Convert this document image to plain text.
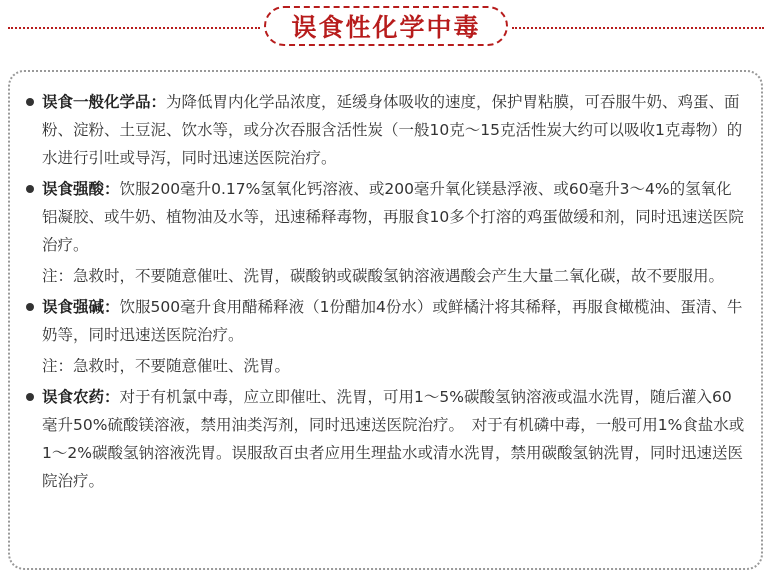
误食性化学中毒
误食一般化学品：为降低胃内化学品浓度，延缓身体吸收的速度，保护胃粘膜，可吞服牛奶、鸡蛋、面粉、淀粉、土豆泥、饮水等，或分次吞服含活性炭（一般10克～15克活性炭大约可以吸收1克毒物）的水进行引吐或导泻，同时迅速送医院治疗。
误食强酸：饮服200毫升0.17%氢氧化钙溶液、或200毫升氧化镁悬浮液、或60毫升3～4%的氢氧化铝凝胶、或牛奶、植物油及水等，迅速稀释毒物，再服食10多个打溶的鸡蛋做缓和剂，同时迅速送医院治疗。
注：急救时，不要随意催吐、洗胃，碳酸钠或碳酸氢钠溶液遇酸会产生大量二氧化碳，故不要服用。
误食强碱：饮服500毫升食用醋稀释液（1份醋加4份水）或鲜橘汁将其稀释，再服食橄榄油、蛋清、牛奶等，同时迅速送医院治疗。
注：急救时，不要随意催吐、洗胃。
误食农药：对于有机氯中毒，应立即催吐、洗胃，可用1～5%碳酸氢钠溶液或温水洗胃，随后灌入60毫升50%硫酸镁溶液，禁用油类泻剂，同时迅速送医院治疗。　对于有机磷中毒，一般可用1%食盐水或1～2%碳酸氢钠溶液洗胃。误服敌百虫者应用生理盐水或清水洗胃，禁用碳酸氢钠洗胃，同时迅速送医院治疗。
